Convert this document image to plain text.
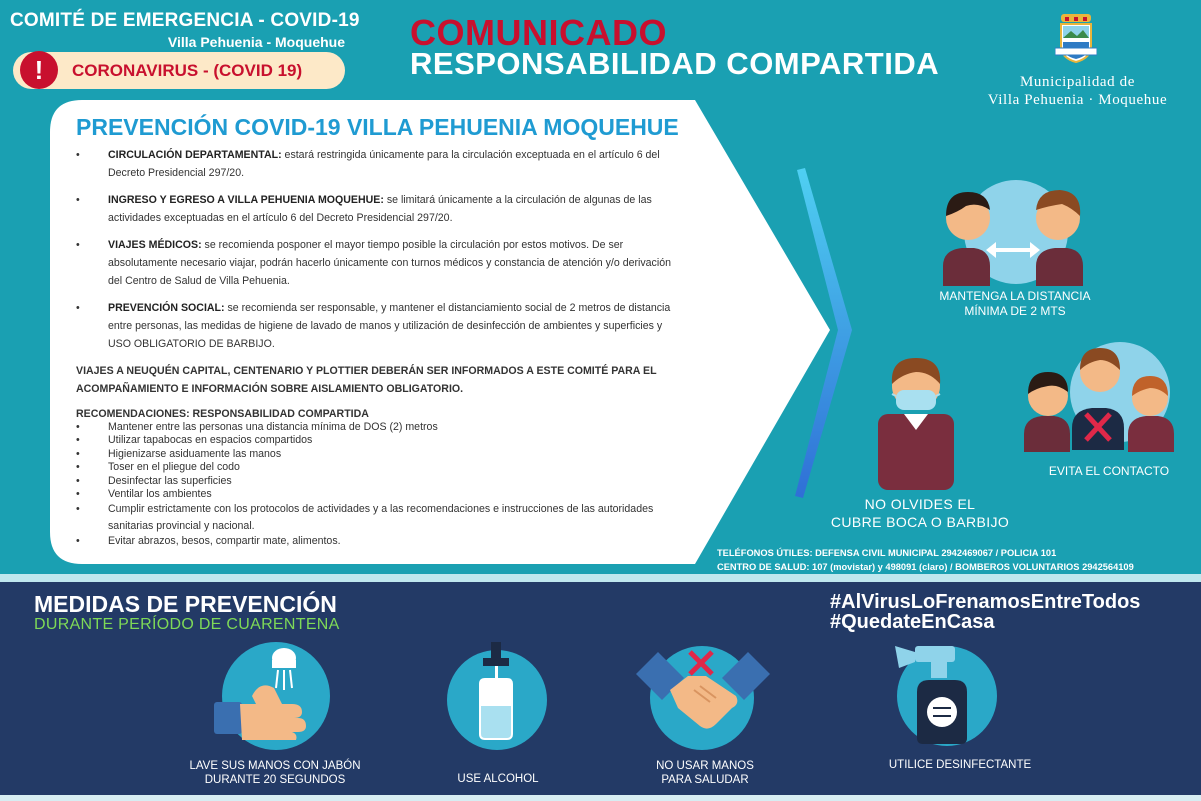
COMITÉ DE EMERGENCIA - COVID-19
Villa Pehuenia - Moquehue
!	CORONAVIRUS - (COVID 19)
COMUNICADO
RESPONSABILIDAD COMPARTIDA
Municipalidad de
Villa Pehuenia · Moquehue
PREVENCIÓN COVID-19 VILLA PEHUENIA MOQUEHUE
•	CIRCULACIÓN DEPARTAMENTAL: estará restringida únicamente para la circulación exceptuada en el artículo 6 del Decreto Presidencial 297/20.
•	INGRESO Y EGRESO A VILLA PEHUENIA MOQUEHUE: se limitará únicamente a la circulación de algunas de las actividades exceptuadas en el artículo 6 del Decreto Presidencial 297/20.
•	VIAJES MÉDICOS: se recomienda posponer el mayor tiempo posible la circulación por estos motivos. De ser absolutamente necesario viajar, podrán hacerlo únicamente con turnos médicos y constancia de atención y/o derivación del Centro de Salud de Villa Pehuenia.
•	PREVENCIÓN SOCIAL: se recomienda ser responsable, y mantener el distanciamiento social de 2 metros de distancia entre personas, las medidas de higiene de lavado de manos y utilización de desinfección de ambientes y superficies y USO OBLIGATORIO DE BARBIJO.
VIAJES A NEUQUÉN CAPITAL, CENTENARIO Y PLOTTIER DEBERÁN SER INFORMADOS A ESTE COMITÉ PARA EL ACOMPAÑAMIENTO E INFORMACIÓN SOBRE AISLAMIENTO OBLIGATORIO.
RECOMENDACIONES: RESPONSABILIDAD COMPARTIDA
•	Mantener entre las personas una distancia mínima de DOS (2) metros
•	Utilizar tapabocas en espacios compartidos
•	Higienizarse asiduamente las manos
•	Toser en el pliegue del codo
•	Desinfectar las superficies
•	Ventilar los ambientes
•	Cumplir estrictamente con los protocolos de actividades y a las recomendaciones e instrucciones de las autoridades sanitarias provincial y nacional.
•	Evitar abrazos, besos, compartir mate, alimentos.
MANTENGA LA DISTANCIA
MÍNIMA DE 2 MTS
NO OLVIDES EL
CUBRE BOCA O BARBIJO
EVITA EL CONTACTO
TELÉFONOS ÚTILES: DEFENSA CIVIL MUNICIPAL 2942469067 / POLICIA 101
CENTRO DE SALUD: 107 (movistar) y 498091 (claro) / BOMBEROS VOLUNTARIOS 2942564109
MEDIDAS DE PREVENCIÓN
DURANTE PERÍODO DE CUARENTENA
#AlVirusLoFrenamosEntreTodos
#QuedateEnCasa
LAVE SUS MANOS CON JABÓN
DURANTE 20 SEGUNDOS	USE ALCOHOL
NO USAR MANOS
PARA SALUDAR
UTILICE DESINFECTANTE
